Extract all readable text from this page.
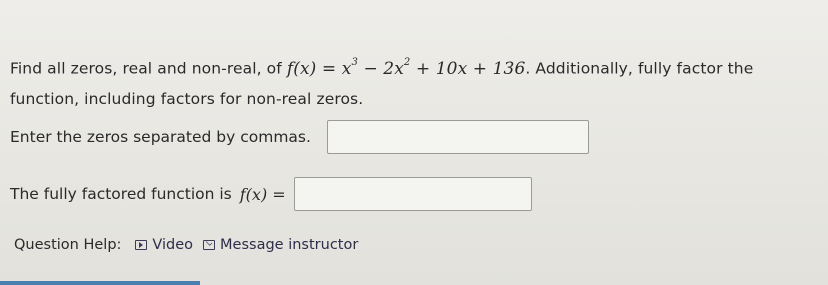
Find all zeros, real and non-real, of $f(x) = x^3 - 2x^2 + 10x + 136$. Additionally, fully factor the function, including factors for non-real zeros.
Enter the zeros separated by commas.
The fully factored function is f(x) =
Question Help: Video Message instructor
